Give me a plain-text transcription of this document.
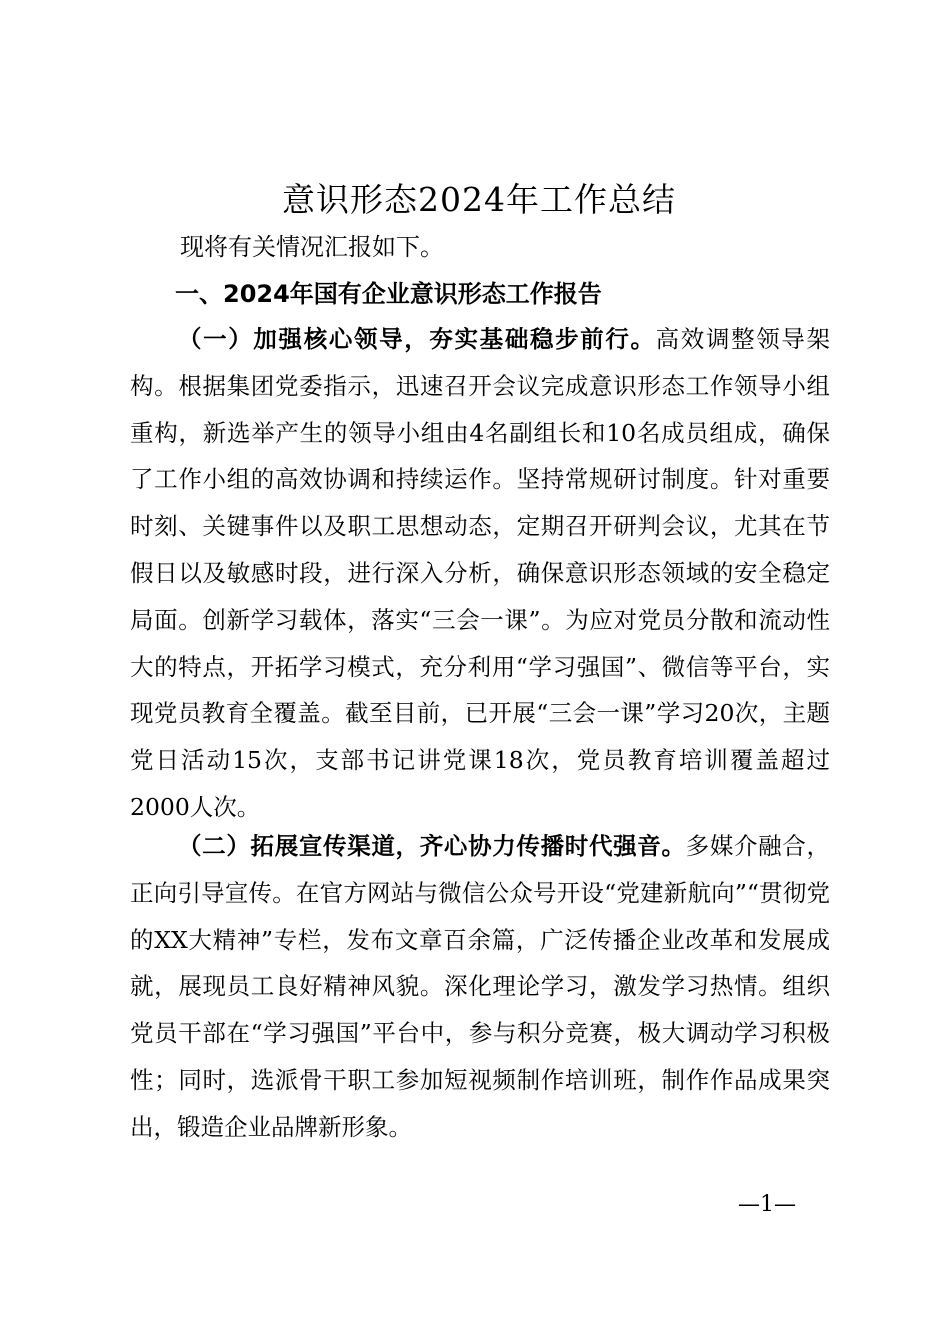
意识形态2024年工作总结
现将有关情况汇报如下。
一、2024年国有企业意识形态工作报告
（一）加强核心领导，夯实基础稳步前行。高效调整领导架构。根据集团党委指示，迅速召开会议完成意识形态工作领导小组重构，新选举产生的领导小组由4名副组长和10名成员组成，确保了工作小组的高效协调和持续运作。坚持常规研讨制度。针对重要时刻、关键事件以及职工思想动态，定期召开研判会议，尤其在节假日以及敏感时段，进行深入分析，确保意识形态领域的安全稳定局面。创新学习载体，落实“三会一课”。为应对党员分散和流动性大的特点，开拓学习模式，充分利用“学习强国”、微信等平台，实现党员教育全覆盖。截至目前，已开展“三会一课”学习20次，主题党日活动15次，支部书记讲党课18次，党员教育培训覆盖超过2000人次。
（二）拓展宣传渠道，齐心协力传播时代强音。多媒介融合，正向引导宣传。在官方网站与微信公众号开设“党建新航向”“贯彻党的XX大精神”专栏，发布文章百余篇，广泛传播企业改革和发展成就，展现员工良好精神风貌。深化理论学习，激发学习热情。组织党员干部在“学习强国”平台中，参与积分竞赛，极大调动学习积极性；同时，选派骨干职工参加短视频制作培训班，制作作品成果突出，锻造企业品牌新形象。
—1—
